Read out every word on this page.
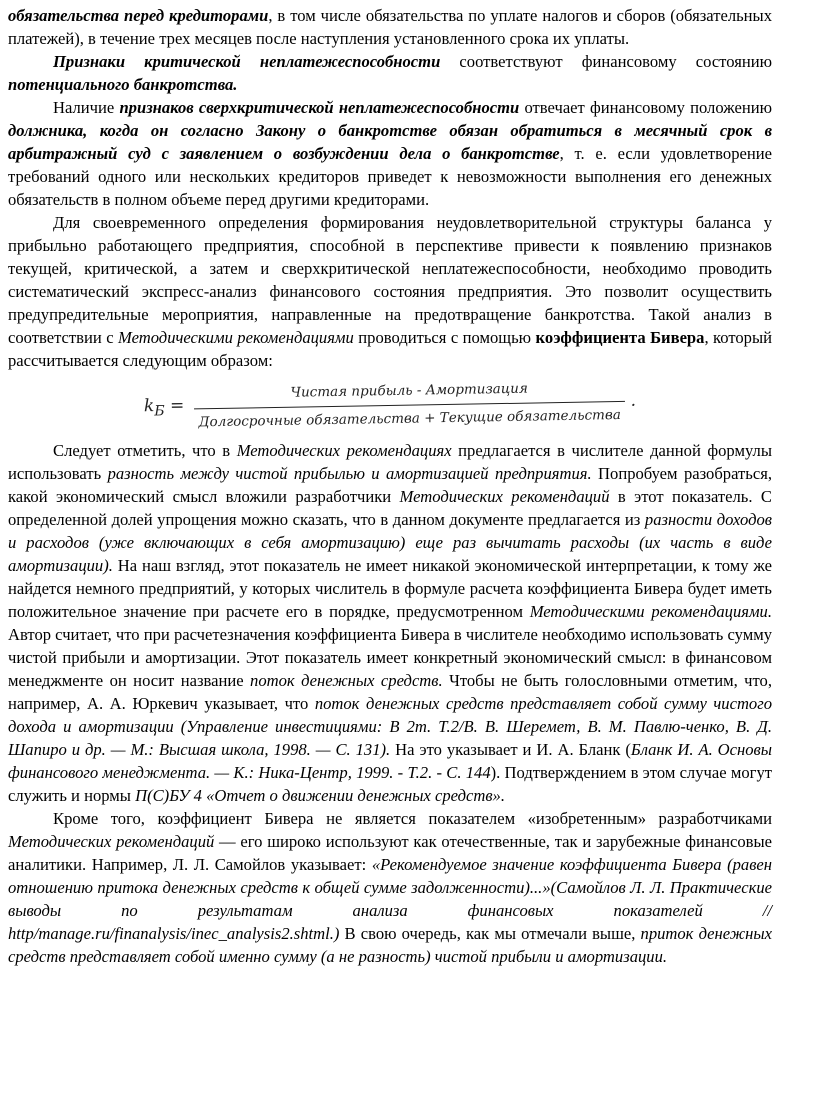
обязательства перед кредиторами, в том числе обязательства по уплате налогов и сборов (обязательных платежей), в течение трех месяцев после наступления установленного срока их уплаты.

Признаки критической неплатежеспособности соответствуют финансовому состоянию потенциального банкротства.

Наличие признаков сверхкритической неплатежеспособности отвечает финансовому положению должника, когда он согласно Закону о банкротстве обязан обратиться в месячный срок в арбитражный суд с заявлением о возбуждении дела о банкротстве, т. е. если удовлетворение требований одного или нескольких кредиторов приведет к невозможности выполнения его денежных обязательств в полном объеме перед другими кредиторами.

Для своевременного определения формирования неудовлетворительной структуры баланса у прибыльно работающего предприятия, способной в перспективе привести к появлению признаков текущей, критической, а затем и сверхкритической неплатежеспособности, необходимо проводить систематический экспресс-анализ финансового состояния предприятия. Это позволит осуществить предупредительные мероприятия, направленные на предотвращение банкротства. Такой анализ в соответствии с Методическими рекомендациями проводиться с помощью коэффициента Бивера, который рассчитывается следующим образом:

$k_Б$ =
Чистая прибыль - Амортизация
Долгосрочные обязательства + Текущие обязательства
.

Следует отметить, что в Методических рекомендациях предлагается в числителе данной формулы использовать разность между чистой прибылью и амортизацией предприятия. Попробуем разобраться, какой экономический смысл вложили разработчики Методических рекомендаций в этот показатель. С определенной долей упрощения можно сказать, что в данном документе предлагается из разности доходов и расходов (уже включающих в себя амортизацию) еще раз вычитать расходы (их часть в виде амортизации). На наш взгляд, этот показатель не имеет никакой экономической интерпретации, к тому же найдется немного предприятий, у которых числитель в формуле расчета коэффициента Бивера будет иметь положительное значение при расчете его в порядке, предусмотренном Методическими рекомендациями. Автор считает, что при расчетезначения коэффициента Бивера в числителе необходимо использовать сумму чистой прибыли и амортизации. Этот показатель имеет конкретный экономический смысл: в финансовом менеджменте он носит название поток денежных средств. Чтобы не быть голословными отметим, что, например, А. А. Юркевич указывает, что поток денежных средств представляет собой сумму чистого дохода и амортизации (Управление инвестициями: В 2т. Т.2/В. В. Шеремет, В. М. Павлю-ченко, В. Д. Шапиро и др. — М.: Высшая школа, 1998. — С. 131). На это указывает и И. А. Бланк (Бланк И. А. Основы финансового менеджмента. — К.: Ника-Центр, 1999. - Т.2. - С. 144). Подтверждением в этом случае могут служить и нормы П(С)БУ 4 «Отчет о движении денежных средств».

Кроме того, коэффициент Бивера не является показателем «изобретенным» разработчиками Методических рекомендаций — его широко используют как отечественные, так и зарубежные финансовые аналитики. Например, Л. Л. Самойлов указывает: «Рекомендуемое значение коэффициента Бивера (равен отношению притока денежных средств к общей сумме задолженности)...»(Самойлов Л. Л. Практические выводы по результатам анализа финансовых показателей // http/manage.ru/finanalysis/inec_analysis2.shtml.) В свою очередь, как мы отмечали выше, приток денежных средств представляет собой именно сумму (а не разность) чистой прибыли и амортизации.
